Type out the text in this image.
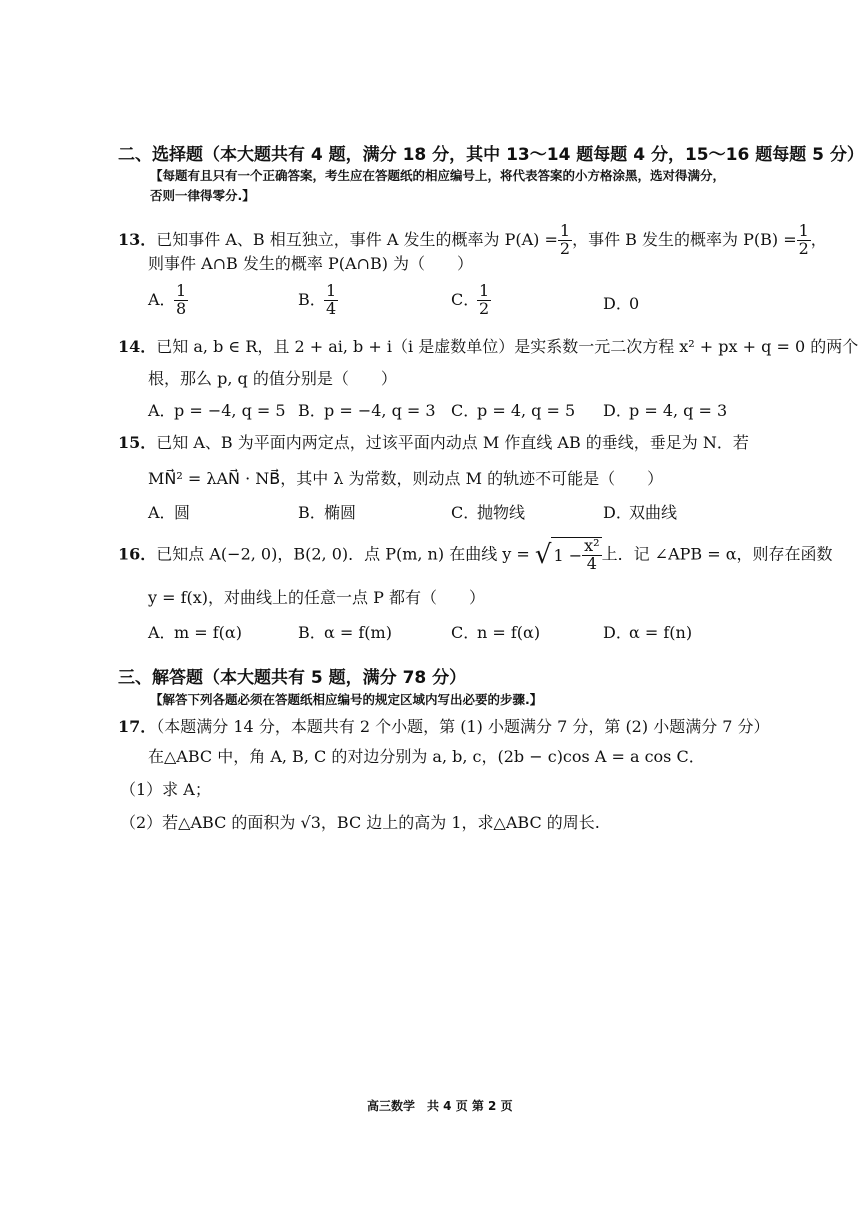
二、选择题（本大题共有 4 题，满分 18 分，其中 13～14 题每题 4 分，15～16 题每题 5 分）
【每题有且只有一个正确答案，考生应在答题纸的相应编号上，将代表答案的小方格涂黑，选对得满分，
否则一律得零分.】
13．已知事件 A、B 相互独立，事件 A 发生的概率为 $P(A) = \frac{1}{2}$ ，事件 B 发生的概率为 $P(B) = \frac{1}{2}$ ，
则事件 A∩B 发生的概率 P(A∩B) 为（　　）
A．
$\frac{1}{8}$	B．
$\frac{1}{4}$	C．
$\frac{1}{2}$	D．0
14．已知 a, b ∈ R，且 2 + ai, b + i（i 是虚数单位）是实系数一元二次方程 x² + px + q = 0 的两个
根，那么 p, q 的值分别是（　　）
A．p = −4, q = 5 B．p = −4, q = 3 C．p = 4, q = 5 D．p = 4, q = 3
15．已知 A、B 为平面内两定点，过该平面内动点 M 作直线 AB 的垂线，垂足为 N．若
MN⃗² = λAN⃗ · NB⃗，其中 λ 为常数，则动点 M 的轨迹不可能是（　　）
A．圆	B．椭圆	C．抛物线	D．双曲线
16．已知点 A(−2, 0)，B(2, 0)．点 P(m, n) 在曲线 y = √ $1 - \frac{\text{x²}}{4}$ 上．记 ∠APB = α，则存在函数
y = f(x)，对曲线上的任意一点 P 都有（　　）
A．m = f(α)	B．α = f(m)	C．n = f(α)	D．α = f(n)
三、解答题（本大题共有 5 题，满分 78 分）
【解答下列各题必须在答题纸相应编号的规定区域内写出必要的步骤.】
17．（本题满分 14 分，本题共有 2 个小题，第 (1) 小题满分 7 分，第 (2) 小题满分 7 分）
在△ABC 中，角 A, B, C 的对边分别为 a, b, c，(2b − c)cos A = a cos C．
（1）求 A；
（2）若△ABC 的面积为 √3，BC 边上的高为 1，求△ABC 的周长.
高三数学　共 4 页 第 2 页
